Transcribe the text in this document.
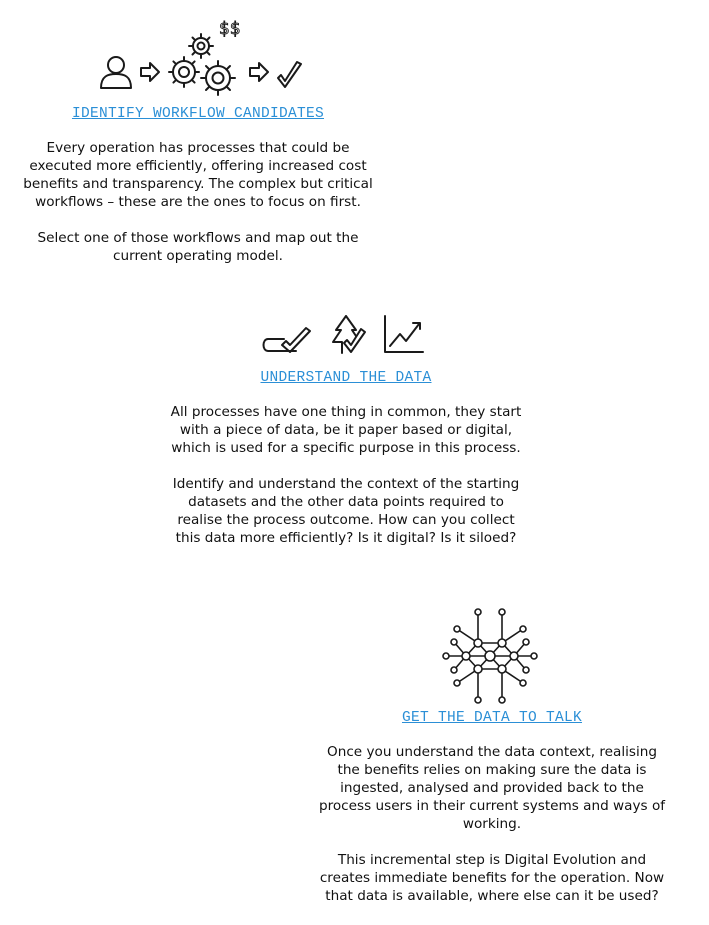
$$
IDENTIFY WORKFLOW CANDIDATES

Every operation has processes that could be
executed more efficiently, offering increased cost
benefits and transparency. The complex but critical
workflows – these are the ones to focus on first.

Select one of those workflows and map out the
current operating model.

UNDERSTAND THE DATA

All processes have one thing in common, they start
with a piece of data, be it paper based or digital,
which is used for a specific purpose in this process.

Identify and understand the context of the starting
datasets and the other data points required to
realise the process outcome. How can you collect
this data more efficiently? Is it digital? Is it siloed?

GET THE DATA TO TALK

Once you understand the data context, realising
the benefits relies on making sure the data is
ingested, analysed and provided back to the
process users in their current systems and ways of
working.

This incremental step is Digital Evolution and
creates immediate benefits for the operation. Now
that data is available, where else can it be used?
